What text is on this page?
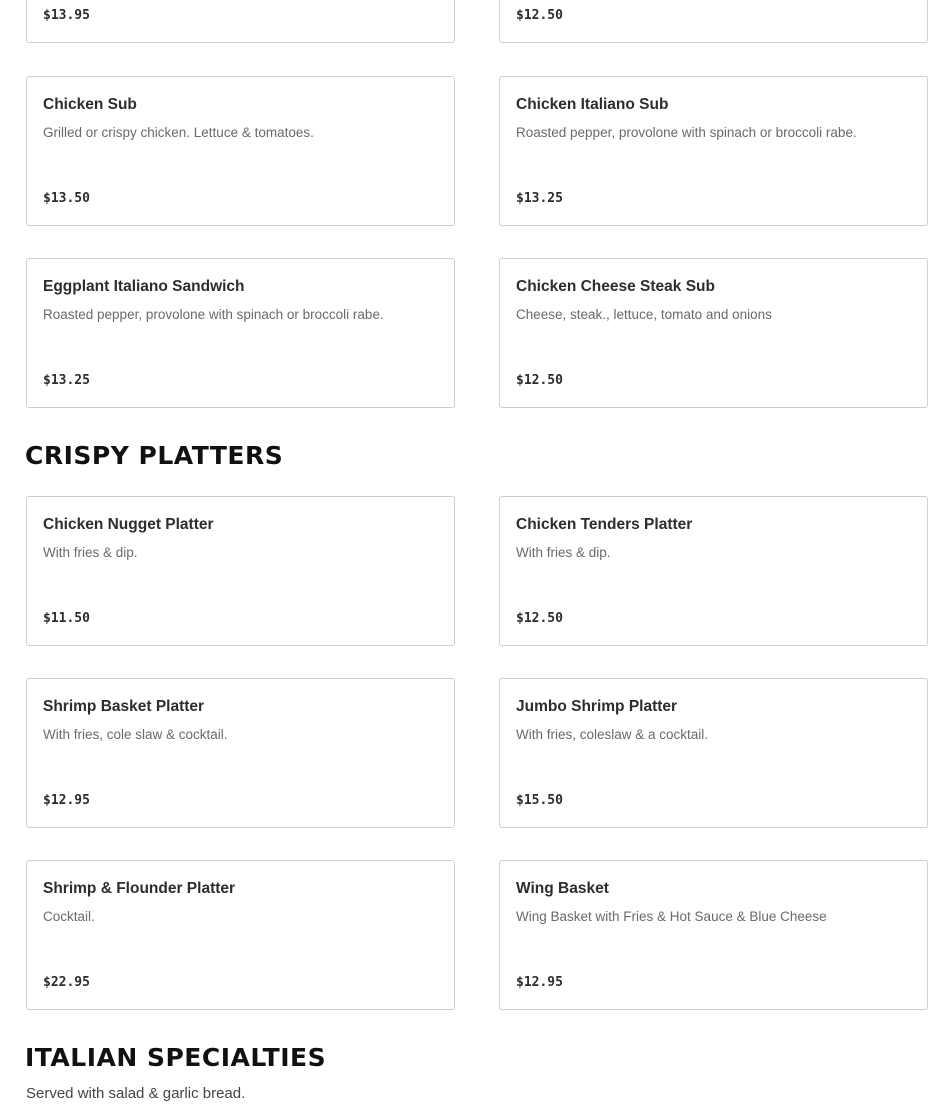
$13.95	$12.50
Chicken Sub
Grilled or crispy chicken. Lettuce & tomatoes.
$13.50
Chicken Italiano Sub
Roasted pepper, provolone with spinach or broccoli rabe.
$13.25
Eggplant Italiano Sandwich
Roasted pepper, provolone with spinach or broccoli rabe.
$13.25
Chicken Cheese Steak Sub
Cheese, steak., lettuce, tomato and onions
$12.50
CRISPY PLATTERS
Chicken Nugget Platter
With fries & dip.
$11.50
Chicken Tenders Platter
With fries & dip.
$12.50
Shrimp Basket Platter
With fries, cole slaw & cocktail.
$12.95
Jumbo Shrimp Platter
With fries, coleslaw & a cocktail.
$15.50
Shrimp & Flounder Platter
Cocktail.
$22.95
Wing Basket
Wing Basket with Fries & Hot Sauce & Blue Cheese
$12.95
ITALIAN SPECIALTIES
Served with salad & garlic bread.
